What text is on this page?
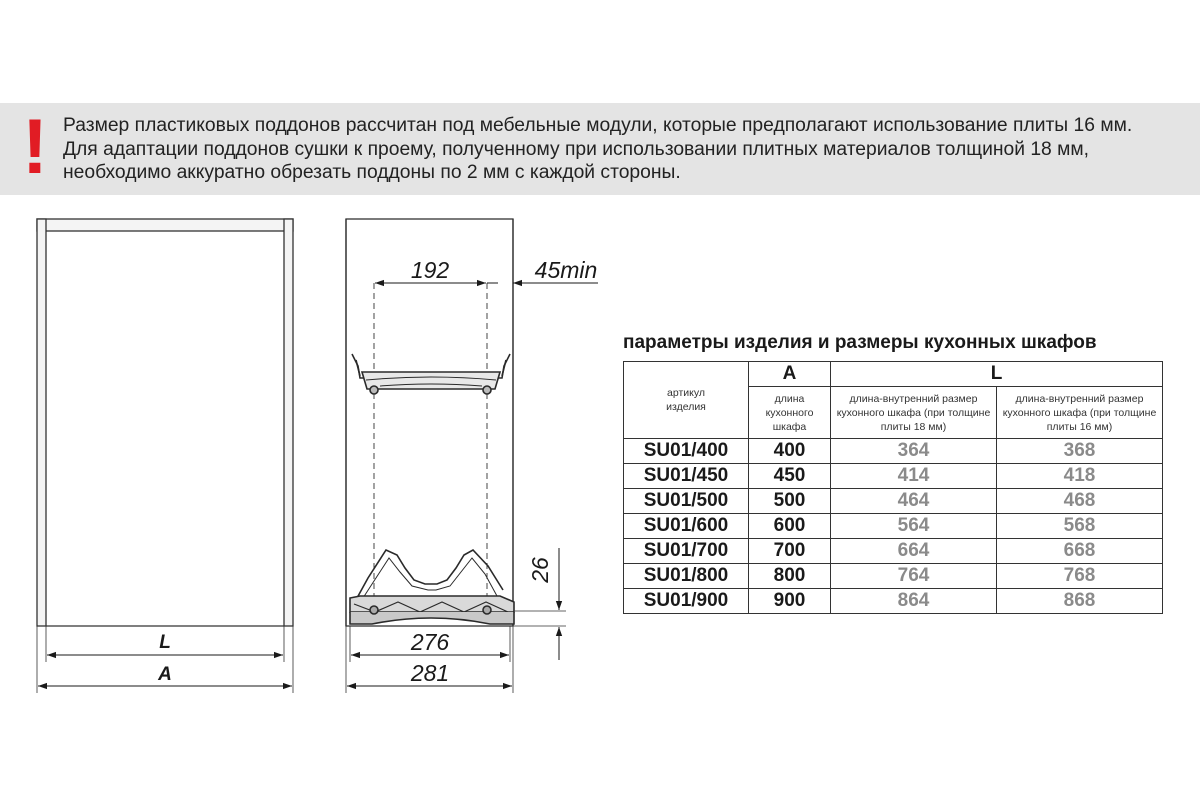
! Размер пластиковых поддонов рассчитан под мебельные модули, которые предполагают использование плиты 16 мм.
Для адаптации поддонов сушки к проему, полученному при использовании плитных материалов толщиной 18 мм,
необходимо аккуратно обрезать поддоны по 2 мм с каждой стороны.
L
A
192	45min
26
276
281
параметры изделия и размеры кухонных шкафов
артикул изделия	A	L	
	длина кухонного шкафа	длина-внутренний размер кухонного шкафа (при толщине плиты 18 мм)	длина-внутренний размер кухонного шкафа (при толщине плиты 16 мм)
SU01/400	400	364	368
SU01/450	450	414	418
SU01/500	500	464	468
SU01/600	600	564	568
SU01/700	700	664	668
SU01/800	800	764	768
SU01/900	900	864	868
